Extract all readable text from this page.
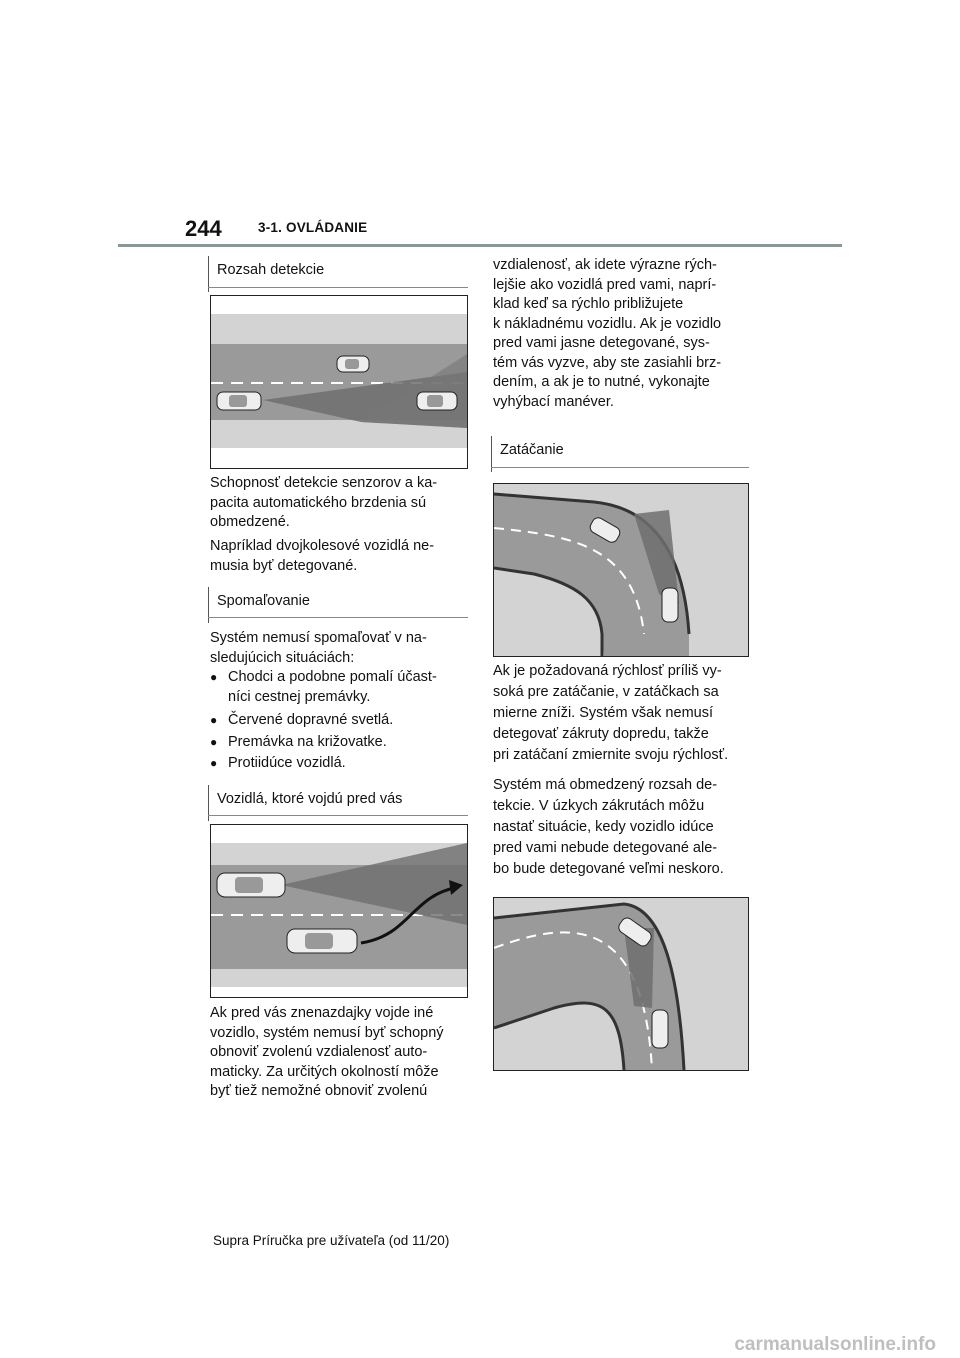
244	3-1. OVLÁDANIE
Rozsah detekcie
Schopnosť detekcie senzorov a ka-
pacita automatického brzdenia sú
obmedzené.
Napríklad dvojkolesové vozidlá ne-
musia byť detegované.
Spomaľovanie
Systém nemusí spomaľovať v na-
sledujúcich situáciách:
● Chodci a podobne pomalí účast-
níci cestnej premávky.
● Červené dopravné svetlá.
● Premávka na križovatke.
● Protiidúce vozidlá.
Vozidlá, ktoré vojdú pred vás
Ak pred vás znenazdajky vojde iné
vozidlo, systém nemusí byť schopný
obnoviť zvolenú vzdialenosť auto-
maticky. Za určitých okolností môže
byť tiež nemožné obnoviť zvolenú
vzdialenosť, ak idete výrazne rých-
lejšie ako vozidlá pred vami, naprí-
klad keď sa rýchlo približujete
k nákladnému vozidlu. Ak je vozidlo
pred vami jasne detegované, sys-
tém vás vyzve, aby ste zasiahli brz-
dením, a ak je to nutné, vykonajte
vyhýbací manéver.
Zatáčanie
Ak je požadovaná rýchlosť príliš vy-
soká pre zatáčanie, v zatáčkach sa
mierne zníži. Systém však nemusí
detegovať zákruty dopredu, takže
pri zatáčaní zmiernite svoju rýchlosť.
Systém má obmedzený rozsah de-
tekcie. V úzkych zákrutách môžu
nastať situácie, kedy vozidlo idúce
pred vami nebude detegované ale-
bo bude detegované veľmi neskoro.
Supra Príručka pre užívateľa (od 11/20)
carmanualsonline.info
